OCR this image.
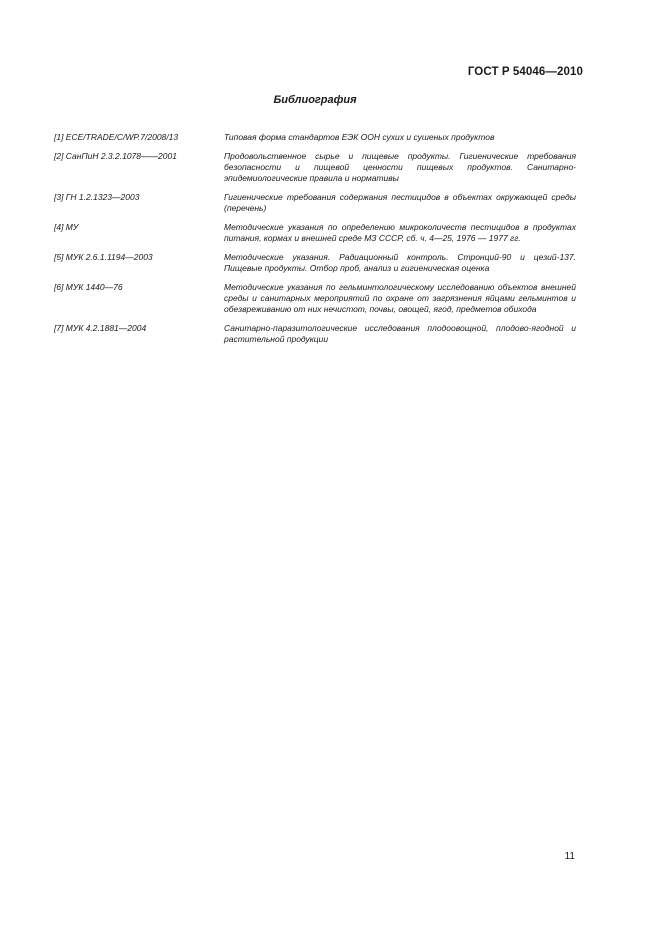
ГОСТ Р 54046—2010
Библиография
[1] ECE/TRADE/C/WP.7/2008/13	Типовая форма стандартов ЕЭК ООН сухих и сушеных продуктов
[2] СанПиН 2.3.2.1078——2001	Продовольственное сырье и пищевые продукты. Гигиенические требования безопасности и пищевой ценности пищевых продуктов. Санитарно-эпидемиологические правила и нормативы
[3] ГН 1.2.1323—2003	Гигиенические требования содержания пестицидов в объектах окружающей среды (перечень)
[4] МУ	Методические указания по определению микроколичеств пестицидов в продуктах питания, кормах и внешней среде МЗ СССР, сб. ч. 4—25, 1976 — 1977 гг.
[5] МУК 2.6.1.1194—2003	Методические указания. Радиационный контроль. Стронций-90 и цезий-137. Пищевые продукты. Отбор проб, анализ и гигиеническая оценка
[6] МУК 1440—76	Методические указания по гельминтологическому исследованию объектов внешней среды и санитарных мероприятий по охране от загрязнения яйцами гельминтов и обезвреживанию от них нечистот, почвы, овощей, ягод, предметов обихода
[7] МУК 4.2.1881—2004	Санитарно-паразитологические исследования плодоовощной, плодово-ягодной и растительной продукции
11
